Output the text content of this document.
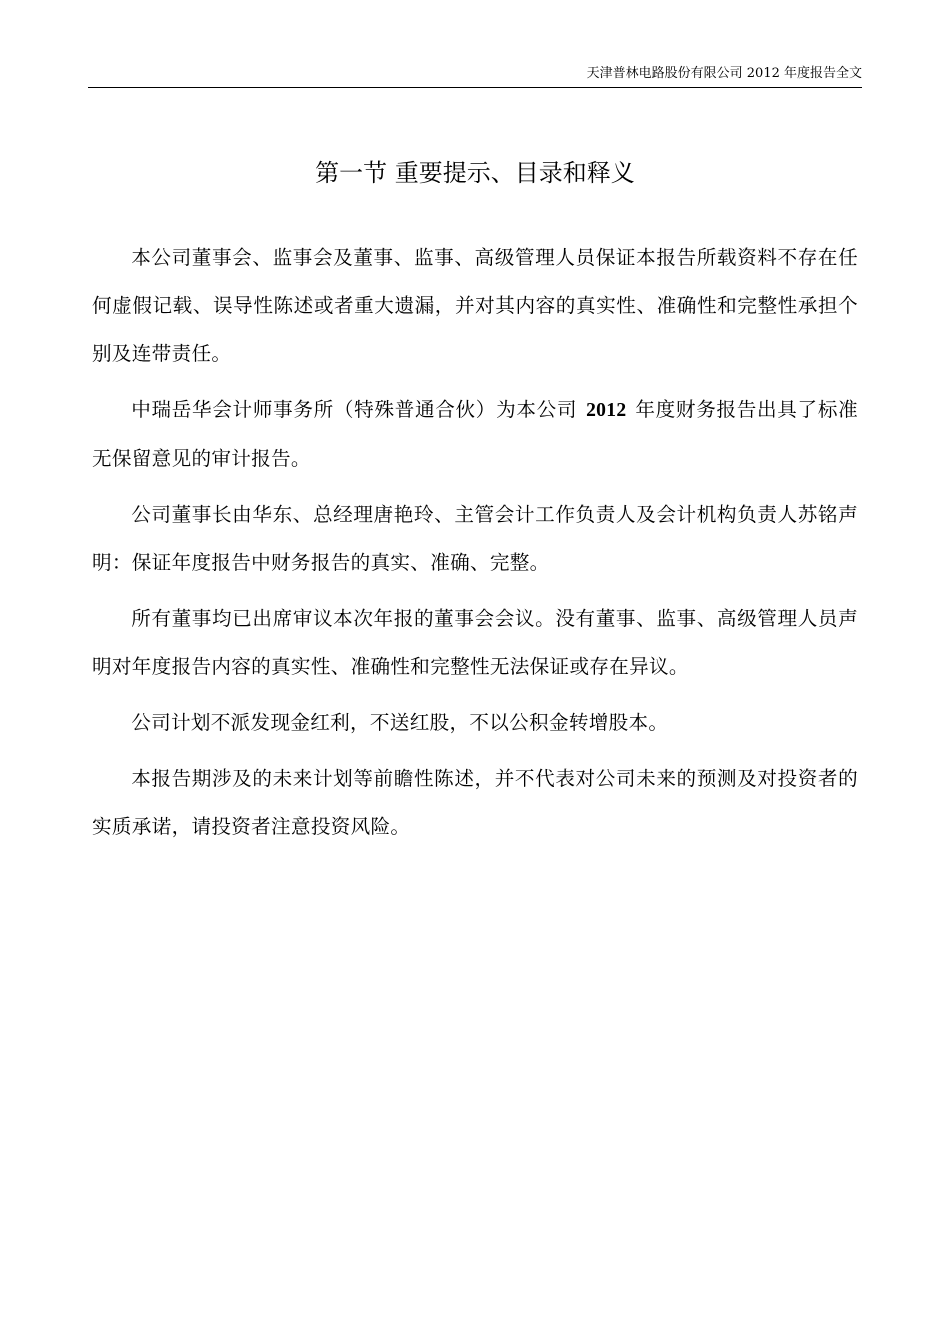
天津普林电路股份有限公司 2012 年度报告全文
第一节 重要提示、目录和释义

本公司董事会、监事会及董事、监事、高级管理人员保证本报告所载资料不存在任何虚假记载、误导性陈述或者重大遗漏，并对其内容的真实性、准确性和完整性承担个别及连带责任。

中瑞岳华会计师事务所（特殊普通合伙）为本公司 2012 年度财务报告出具了标准无保留意见的审计报告。

公司董事长由华东、总经理唐艳玲、主管会计工作负责人及会计机构负责人苏铭声明：保证年度报告中财务报告的真实、准确、完整。

所有董事均已出席审议本次年报的董事会会议。没有董事、监事、高级管理人员声明对年度报告内容的真实性、准确性和完整性无法保证或存在异议。

公司计划不派发现金红利，不送红股，不以公积金转增股本。

本报告期涉及的未来计划等前瞻性陈述，并不代表对公司未来的预测及对投资者的实质承诺，请投资者注意投资风险。
